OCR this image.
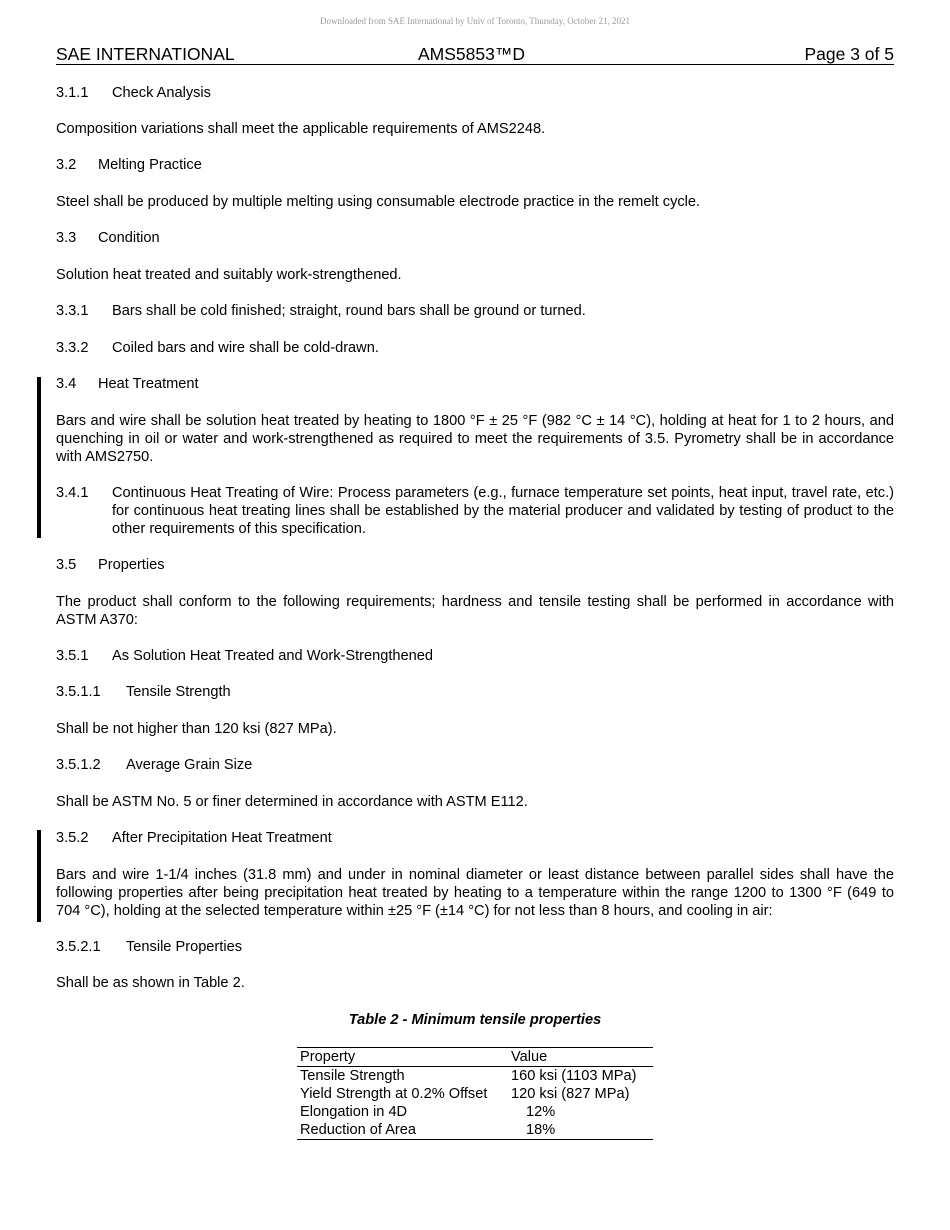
Downloaded from SAE International by Univ of Toronto, Thursday, October 21, 2021
SAE INTERNATIONAL	AMS5853™D	Page 3 of 5
3.1.1 Check Analysis
Composition variations shall meet the applicable requirements of AMS2248.
3.2 Melting Practice
Steel shall be produced by multiple melting using consumable electrode practice in the remelt cycle.
3.3 Condition
Solution heat treated and suitably work-strengthened.
3.3.1 Bars shall be cold finished; straight, round bars shall be ground or turned.
3.3.2 Coiled bars and wire shall be cold-drawn.
3.4 Heat Treatment
Bars and wire shall be solution heat treated by heating to 1800 °F ± 25 °F (982 °C ± 14 °C), holding at heat for 1 to 2 hours, and quenching in oil or water and work-strengthened as required to meet the requirements of 3.5. Pyrometry shall be in accordance with AMS2750.
3.4.1 Continuous Heat Treating of Wire: Process parameters (e.g., furnace temperature set points, heat input, travel rate, etc.) for continuous heat treating lines shall be established by the material producer and validated by testing of product to the other requirements of this specification.
3.5 Properties
The product shall conform to the following requirements; hardness and tensile testing shall be performed in accordance with ASTM A370:
3.5.1 As Solution Heat Treated and Work-Strengthened
3.5.1.1 Tensile Strength
Shall be not higher than 120 ksi (827 MPa).
3.5.1.2 Average Grain Size
Shall be ASTM No. 5 or finer determined in accordance with ASTM E112.
3.5.2 After Precipitation Heat Treatment
Bars and wire 1-1/4 inches (31.8 mm) and under in nominal diameter or least distance between parallel sides shall have the following properties after being precipitation heat treated by heating to a temperature within the range 1200 to 1300 °F (649 to 704 °C), holding at the selected temperature within ±25 °F (±14 °C) for not less than 8 hours, and cooling in air:
3.5.2.1 Tensile Properties
Shall be as shown in Table 2.
Table 2 - Minimum tensile properties
Property	Value
Tensile Strength	160 ksi (1103 MPa)
Yield Strength at 0.2% Offset	120 ksi (827 MPa)
Elongation in 4D	12%
Reduction of Area	18%
